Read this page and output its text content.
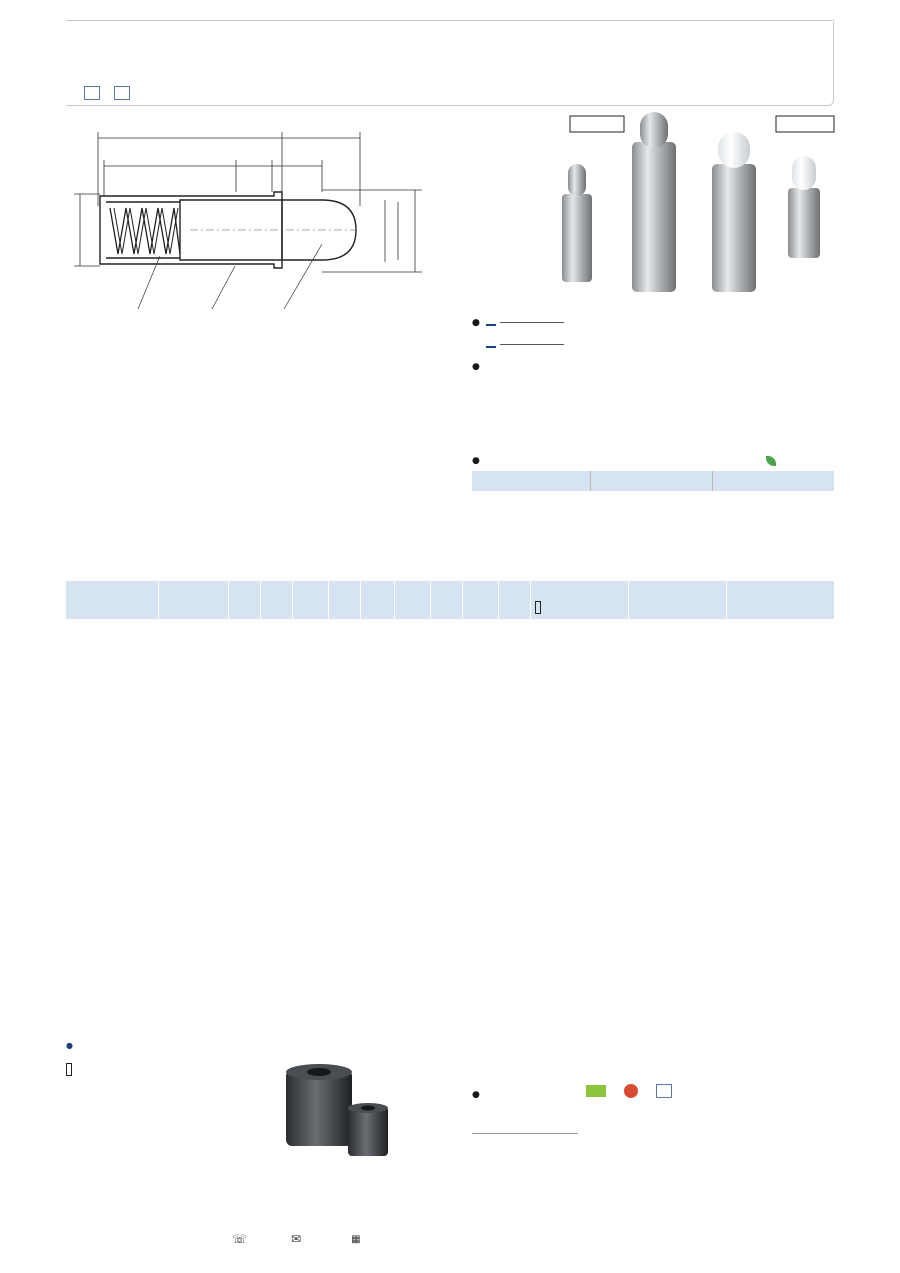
●
●

●

●

☏	✉	▦
